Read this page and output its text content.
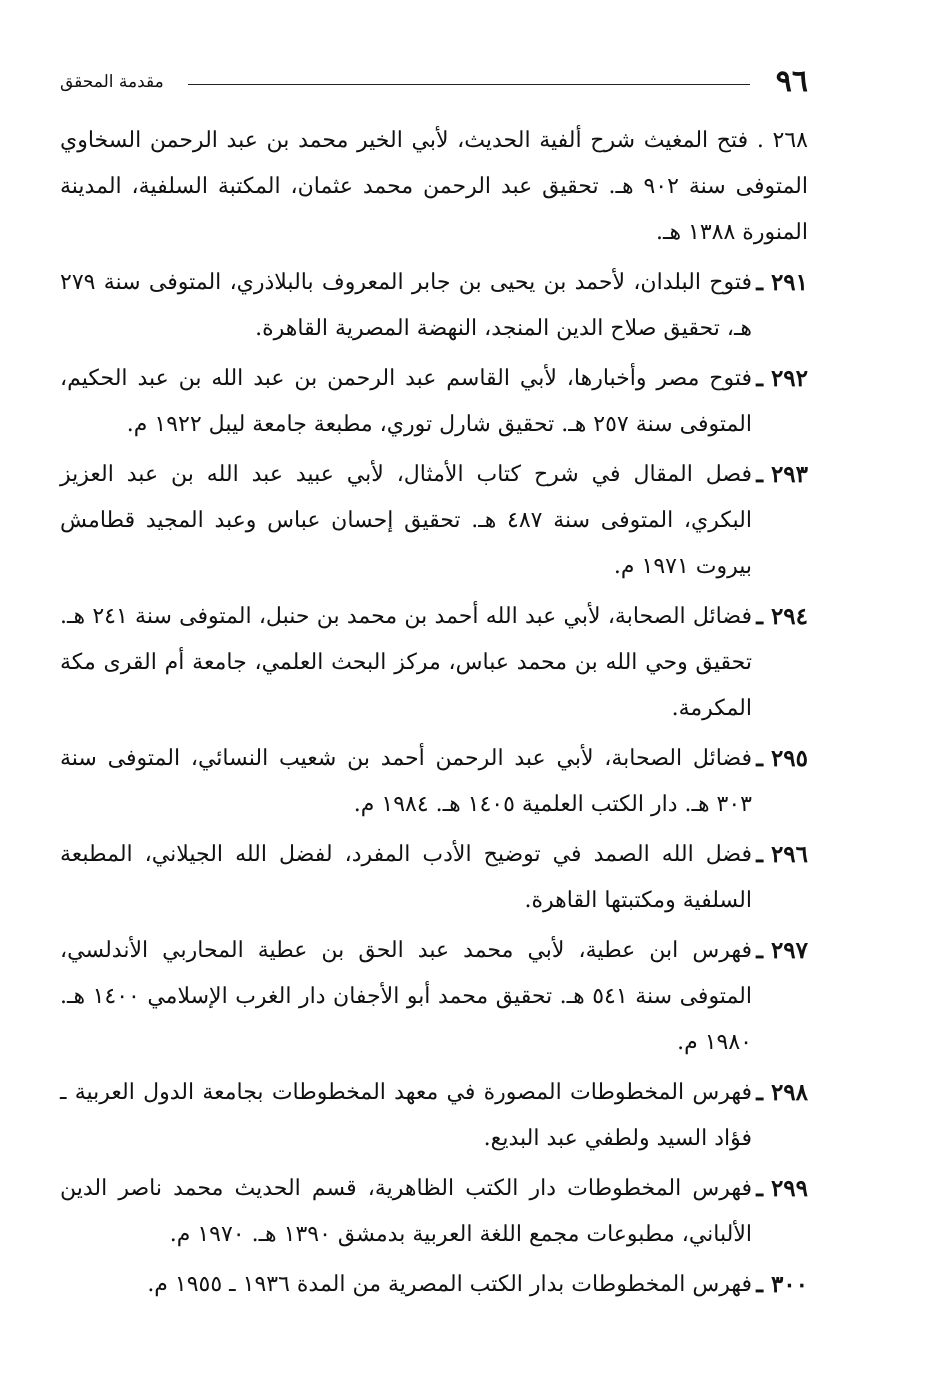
٩٦
مقدمة المحقق
٢٦٨ . فتح المغيث شرح ألفية الحديث، لأبي الخير محمد بن عبد الرحمن السخاوي المتوفى سنة ٩٠٢ هـ. تحقيق عبد الرحمن محمد عثمان، المكتبة السلفية، المدينة المنورة ١٣٨٨ هـ.
٢٩١ ـ
فتوح البلدان، لأحمد بن يحيى بن جابر المعروف بالبلاذري، المتوفى سنة ٢٧٩ هـ، تحقيق صلاح الدين المنجد، النهضة المصرية القاهرة.
٢٩٢ ـ
فتوح مصر وأخبارها، لأبي القاسم عبد الرحمن بن عبد الله بن عبد الحكيم، المتوفى سنة ٢٥٧ هـ. تحقيق شارل توري، مطبعة جامعة ليبل ١٩٢٢ م.
٢٩٣ ـ
فصل المقال في شرح كتاب الأمثال، لأبي عبيد عبد الله بن عبد العزيز البكري، المتوفى سنة ٤٨٧ هـ. تحقيق إحسان عباس وعبد المجيد قطامش بيروت ١٩٧١ م.
٢٩٤ ـ
فضائل الصحابة، لأبي عبد الله أحمد بن محمد بن حنبل، المتوفى سنة ٢٤١ هـ. تحقيق وحي الله بن محمد عباس، مركز البحث العلمي، جامعة أم القرى مكة المكرمة.
٢٩٥ ـ
فضائل الصحابة، لأبي عبد الرحمن أحمد بن شعيب النسائي، المتوفى سنة ٣٠٣ هـ. دار الكتب العلمية ١٤٠٥ هـ. ١٩٨٤ م.
٢٩٦ ـ
فضل الله الصمد في توضيح الأدب المفرد، لفضل الله الجيلاني، المطبعة السلفية ومكتبتها القاهرة.
٢٩٧ ـ
فهرس ابن عطية، لأبي محمد عبد الحق بن عطية المحاربي الأندلسي، المتوفى سنة ٥٤١ هـ. تحقيق محمد أبو الأجفان دار الغرب الإسلامي ١٤٠٠ هـ. ١٩٨٠ م.
٢٩٨ ـ
فهرس المخطوطات المصورة في معهد المخطوطات بجامعة الدول العربية ـ فؤاد السيد ولطفي عبد البديع.
٢٩٩ ـ
فهرس المخطوطات دار الكتب الظاهرية، قسم الحديث محمد ناصر الدين الألباني، مطبوعات مجمع اللغة العربية بدمشق ١٣٩٠ هـ. ١٩٧٠ م.
٣٠٠ ـ
فهرس المخطوطات بدار الكتب المصرية من المدة ١٩٣٦ ـ ١٩٥٥ م.
